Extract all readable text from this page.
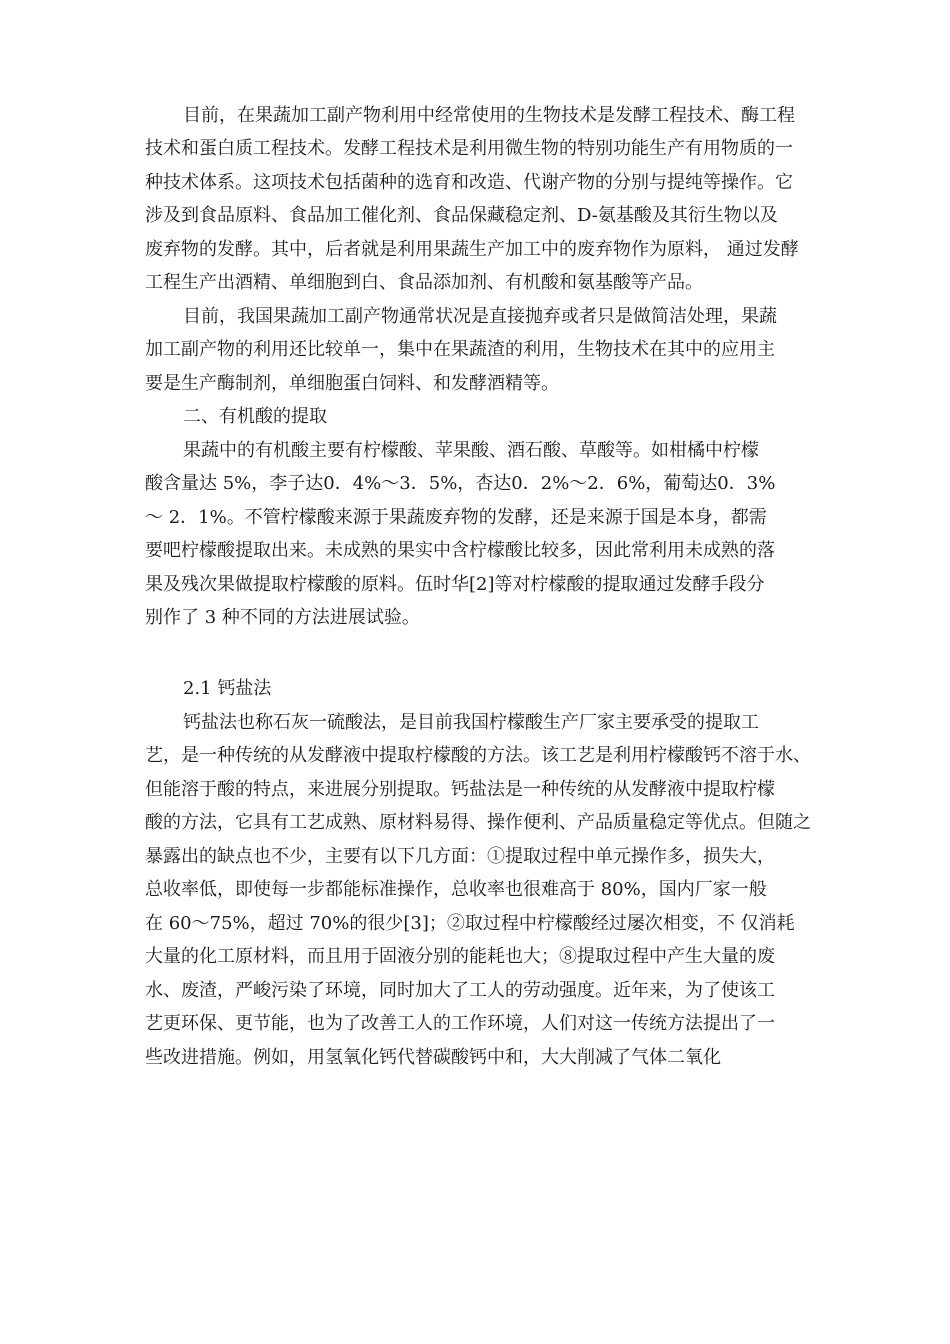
目前，在果蔬加工副产物利用中经常使用的生物技术是发酵工程技术、酶工程

技术和蛋白质工程技术。发酵工程技术是利用微生物的特别功能生产有用物质的一

种技术体系。这项技术包括菌种的选育和改造、代谢产物的分别与提纯等操作。它

涉及到食品原料、食品加工催化剂、食品保藏稳定剂、D-氨基酸及其衍生物以及

废弃物的发酵。其中，后者就是利用果蔬生产加工中的废弃物作为原料， 通过发酵

工程生产出酒精、单细胞到白、食品添加剂、有机酸和氨基酸等产品。

目前，我国果蔬加工副产物通常状况是直接抛弃或者只是做简洁处理，果蔬

加工副产物的利用还比较单一，集中在果蔬渣的利用，生物技术在其中的应用主

要是生产酶制剂，单细胞蛋白饲料、和发酵酒精等。

二、有机酸的提取

果蔬中的有机酸主要有柠檬酸、苹果酸、酒石酸、草酸等。如柑橘中柠檬

酸含量达 5%，李子达0．4%～3．5%，杏达0．2%～2．6%，葡萄达0．3%

～ 2．1%。不管柠檬酸来源于果蔬废弃物的发酵，还是来源于国是本身，都需

要吧柠檬酸提取出来。未成熟的果实中含柠檬酸比较多，因此常利用未成熟的落

果及残次果做提取柠檬酸的原料。伍时华[2]等对柠檬酸的提取通过发酵手段分

别作了 3 种不同的方法进展试验。

2.1 钙盐法

钙盐法也称石灰一硫酸法，是目前我国柠檬酸生产厂家主要承受的提取工

艺，是一种传统的从发酵液中提取柠檬酸的方法。该工艺是利用柠檬酸钙不溶于水、

但能溶于酸的特点，来进展分别提取。钙盐法是一种传统的从发酵液中提取柠檬

酸的方法，它具有工艺成熟、原材料易得、操作便利、产品质量稳定等优点。但随之

暴露出的缺点也不少，主要有以下几方面：①提取过程中单元操作多，损失大，

总收率低，即使每一步都能标准操作，总收率也很难高于 80%，国内厂家一般

在 60～75%，超过 70%的很少[3]；②取过程中柠檬酸经过屡次相变，不 仅消耗

大量的化工原材料，而且用于固液分别的能耗也大；⑧提取过程中产生大量的废

水、废渣，严峻污染了环境，同时加大了工人的劳动强度。近年来，为了使该工

艺更环保、更节能，也为了改善工人的工作环境，人们对这一传统方法提出了一

些改进措施。例如，用氢氧化钙代替碳酸钙中和，大大削减了气体二氧化
